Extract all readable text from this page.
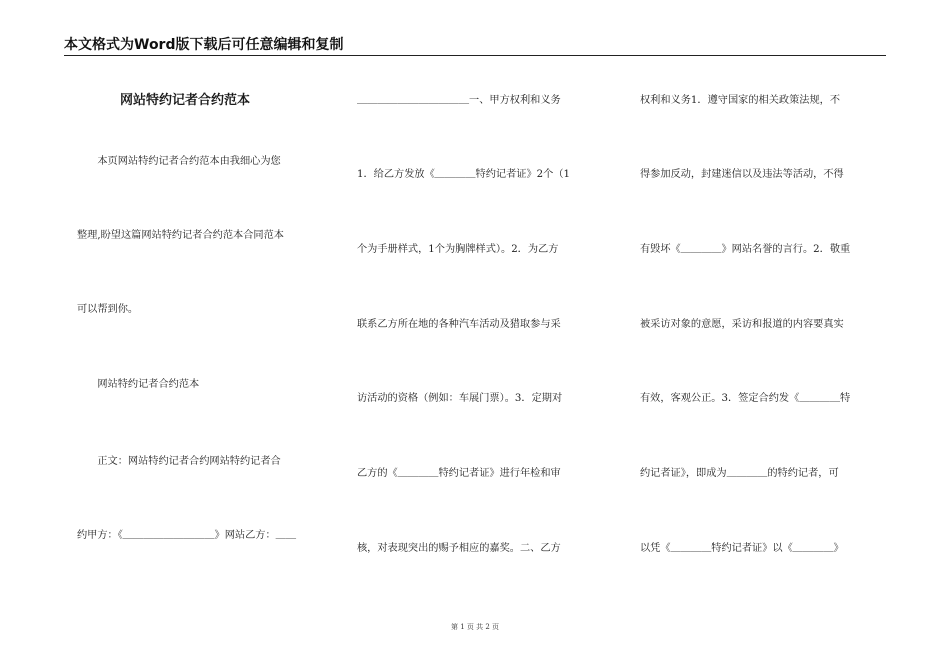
本文格式为Word版下载后可任意编辑和复制
网站特约记者合约范本
　　本页网站特约记者合约范本由我细心为您
整理,盼望这篇网站特约记者合约范本合同范本
可以帮到你。
　　网站特约记者合约范本
　　正文：网站特约记者合约网站特约记者合
约甲方：《＿＿＿＿＿＿＿＿＿》网站乙方：＿＿
＿＿＿＿＿＿＿＿＿＿＿一、甲方权利和义务
1．给乙方发放《＿＿＿＿特约记者证》2个（1
个为手册样式，1个为胸牌样式）。2．为乙方
联系乙方所在地的各种汽车活动及猎取参与采
访活动的资格（例如：车展门票）。3．定期对
乙方的《＿＿＿＿特约记者证》进行年检和审
核，对表现突出的赐予相应的嘉奖。二、乙方
权利和义务1．遵守国家的相关政策法规，不
得参加反动，封建迷信以及违法等活动，不得
有毁坏《＿＿＿＿》网站名誉的言行。2．敬重
被采访对象的意愿，采访和报道的内容要真实
有效，客观公正。3．签定合约发《＿＿＿＿特
约记者证》，即成为＿＿＿＿的特约记者，可
以凭《＿＿＿＿特约记者证》以《＿＿＿＿》
第 1 页 共 2 页
